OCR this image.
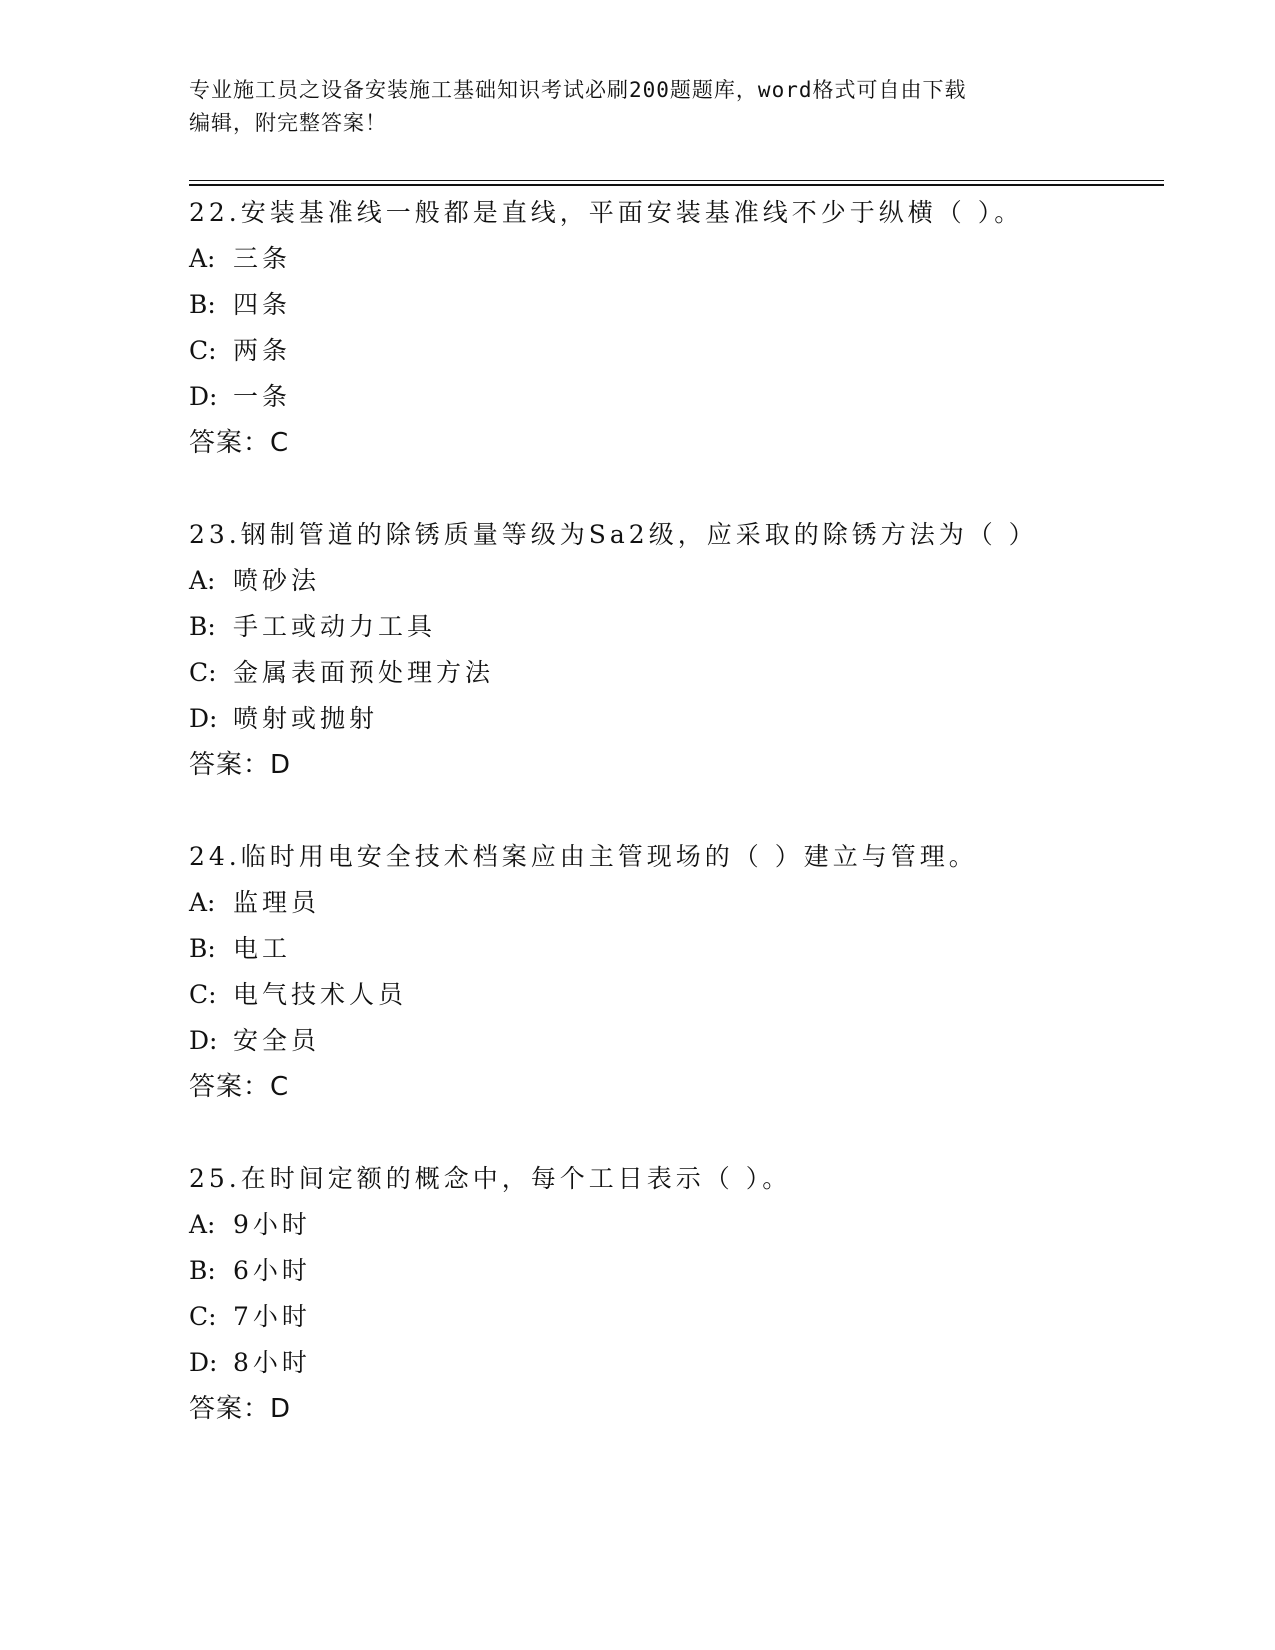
专业施工员之设备安装施工基础知识考试必刷200题题库，word格式可自由下载
编辑，附完整答案！
22.安装基准线一般都是直线，平面安装基准线不少于纵横（ ）。
A: 三条
B: 四条
C: 两条
D: 一条
答案：C
23.钢制管道的除锈质量等级为Sa2级，应采取的除锈方法为（ ）
A: 喷砂法
B: 手工或动力工具
C: 金属表面预处理方法
D: 喷射或抛射
答案：D
24.临时用电安全技术档案应由主管现场的（ ）建立与管理。
A: 监理员
B: 电工
C: 电气技术人员
D: 安全员
答案：C
25.在时间定额的概念中，每个工日表示（ ）。
A: 9小时
B: 6小时
C: 7小时
D: 8小时
答案：D
